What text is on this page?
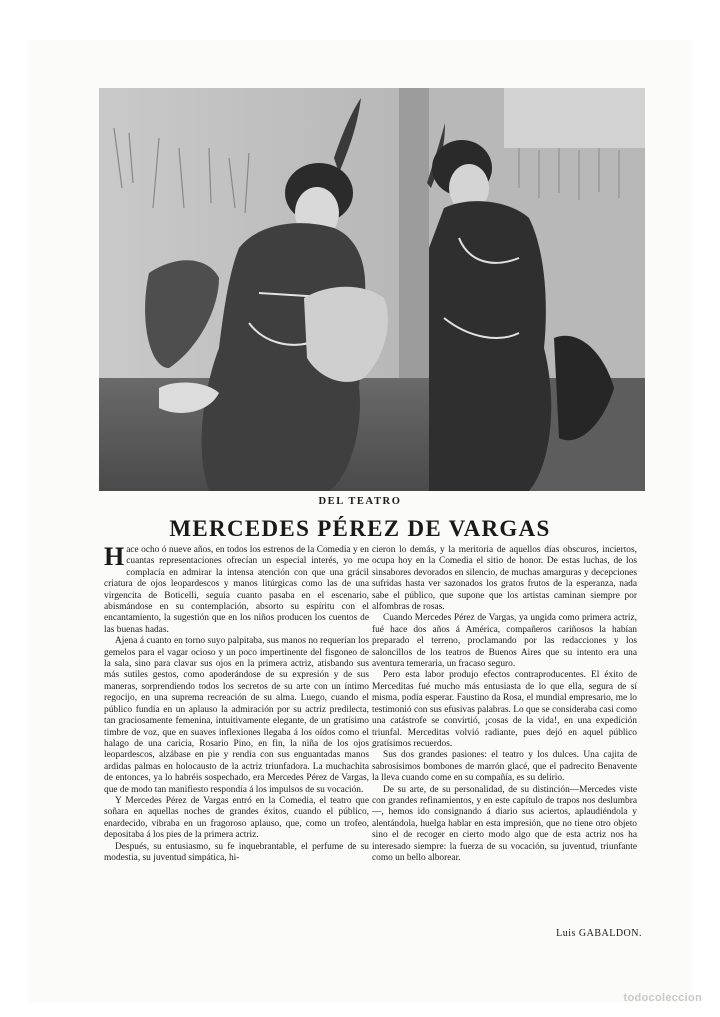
DEL TEATRO
MERCEDES PÉREZ DE VARGAS

Hace ocho ó nueve años, en todos los estrenos de la Comedia y en cuantas representaciones ofrecían un especial interés, yo me complacía en admirar la intensa atención con que una grácil criatura de ojos leopardescos y manos litúrgicas como las de una virgencita de Boticelli, seguía cuanto pasaba en el escenario, abismándose en su contemplación, absorto su espíritu con el encantamiento, la sugestión que en los niños producen los cuentos de las buenas hadas.

Ajena á cuanto en torno suyo palpitaba, sus manos no requerían los gemelos para el vagar ocioso y un poco impertinente del fisgoneo de la sala, sino para clavar sus ojos en la primera actriz, atisbando sus más sutiles gestos, como apoderándose de su expresión y de sus maneras, sorprendiendo todos los secretos de su arte con un íntimo regocijo, en una suprema recreación de su alma. Luego, cuando el público fundía en un aplauso la admiración por su actriz predilecta, tan graciosamente femenina, intuitivamente elegante, de un gratísimo timbre de voz, que en suaves inflexiones llegaba á los oídos como el halago de una caricia, Rosario Pino, en fin, la niña de los ojos leopardescos, alzábase en pie y rendía con sus enguantadas manos ardidas palmas en holocausto de la actriz triunfadora. La muchachita de entonces, ya lo habréis sospechado, era Mercedes Pérez de Vargas, que de modo tan manifiesto respondía á los impulsos de su vocación.

Y Mercedes Pérez de Vargas entró en la Comedia, el teatro que soñara en aquellas noches de grandes éxitos, cuando el público, enardecido, vibraba en un fragoroso aplauso, que, como un trofeo, depositaba á los pies de la primera actriz.

Después, su entusiasmo, su fe inquebrantable, el perfume de su modestia, su juventud simpática, hi-

cieron lo demás, y la meritoria de aquellos días obscuros, inciertos, ocupa hoy en la Comedia el sitio de honor. De estas luchas, de los sinsabores devorados en silencio, de muchas amarguras y decepciones sufridas hasta ver sazonados los gratos frutos de la esperanza, nada sabe el público, que supone que los artistas caminan siempre por alfombras de rosas.

Cuando Mercedes Pérez de Vargas, ya ungida como primera actriz, fué hace dos años á América, compañeros cariñosos la habían preparado el terreno, proclamando por las redacciones y los saloncillos de los teatros de Buenos Aires que su intento era una aventura temeraria, un fracaso seguro.

Pero esta labor produjo efectos contraproducentes. El éxito de Merceditas fué mucho más entusiasta de lo que ella, segura de sí misma, podía esperar. Faustino da Rosa, el mundial empresario, me lo testimonió con sus efusivas palabras. Lo que se consideraba casi como una catástrofe se convirtió, ¡cosas de la vida!, en una expedición triunfal. Merceditas volvió radiante, pues dejó en aquel público gratísimos recuerdos.

Sus dos grandes pasiones: el teatro y los dulces. Una cajita de sabrosísimos bombones de marrón glacé, que el padrecito Benavente la lleva cuando come en su compañía, es su delirio.

De su arte, de su personalidad, de su distinción—Mercedes viste con grandes refinamientos, y en este capítulo de trapos nos deslumbra—, hemos ido consignando á diario sus aciertos, aplaudiéndola y alentándola, huelga hablar en esta impresión, que no tiene otro objeto sino el de recoger en cierto modo algo que de esta actriz nos ha interesado siempre: la fuerza de su vocación, su juventud, triunfante como un bello alborear.

Luis GABALDON.
todocoleccion
